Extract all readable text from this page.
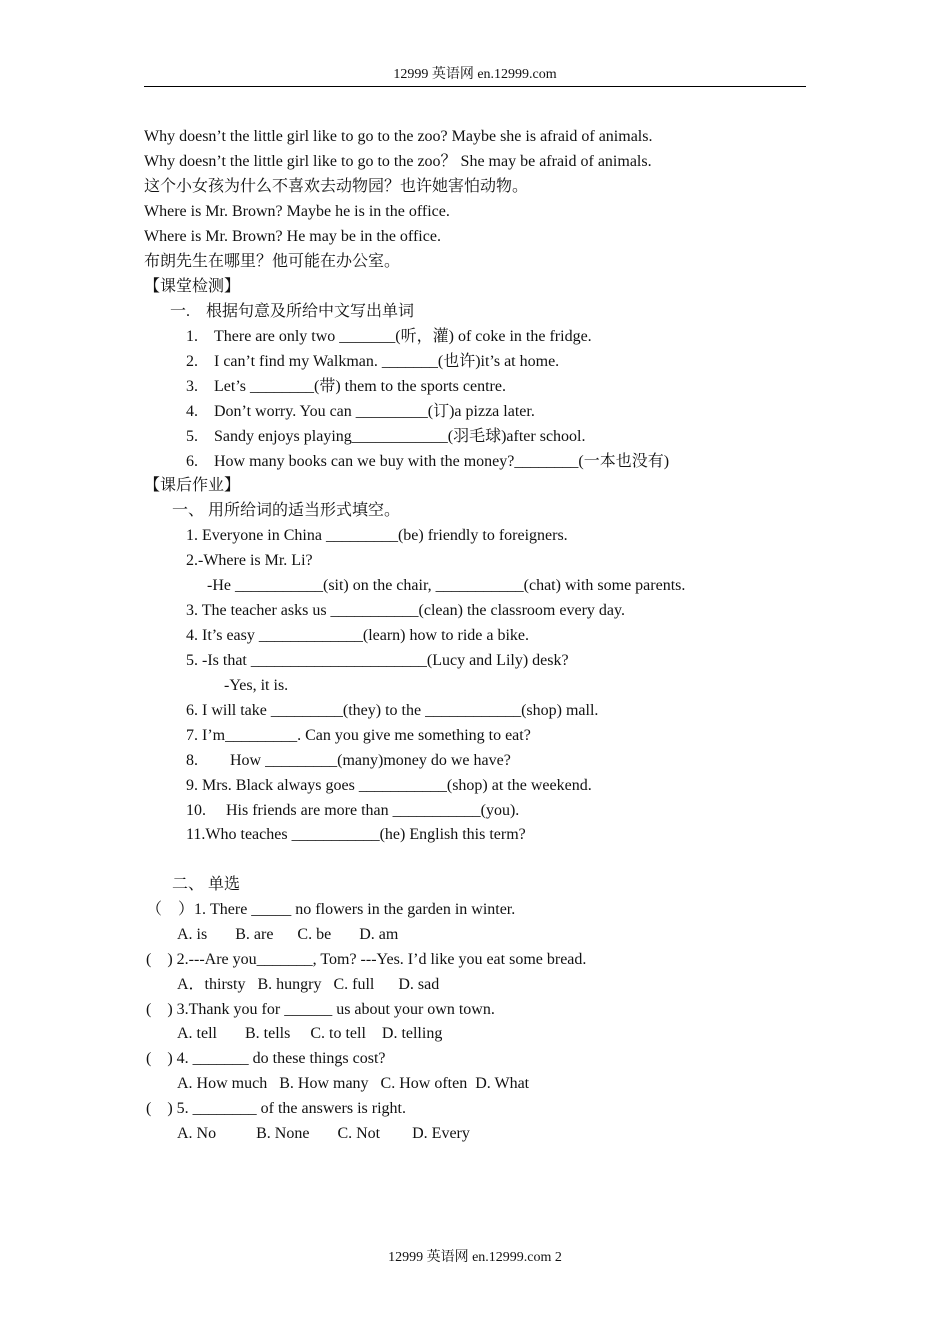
12999 英语网 en.12999.com
Why doesn’t the little girl like to go to the zoo? Maybe she is afraid of animals.
Why doesn’t the little girl like to go to the zoo？ She may be afraid of animals.
这个小女孩为什么不喜欢去动物园？也许她害怕动物。
Where is Mr. Brown? Maybe he is in the office.
Where is Mr. Brown? He may be in the office.
布朗先生在哪里？他可能在办公室。
【课堂检测】
一.　根据句意及所给中文写出单词
1.　There are only two _______(听，灌) of coke in the fridge.
2.　I can’t find my Walkman. _______(也许)it’s at home.
3.　Let’s ________(带) them to the sports centre.
4.　Don’t worry. You can _________(订)a pizza later.
5.　Sandy enjoys playing____________(羽毛球)after school.
6.　How many books can we buy with the money?________(一本也没有)
【课后作业】
一、 用所给词的适当形式填空。
1. Everyone in China _________(be) friendly to foreigners.
2.-Where is Mr. Li?
-He ___________(sit) on the chair, ___________(chat) with some parents.
3. The teacher asks us ___________(clean) the classroom every day.
4. It’s easy _____________(learn) how to ride a bike.
5. -Is that ______________________(Lucy and Lily) desk?
-Yes, it is.
6. I will take _________(they) to the ____________(shop) mall.
7. I’m_________. Can you give me something to eat?
8.　　How _________(many)money do we have?
9. Mrs. Black always goes ___________(shop) at the weekend.
10.　 His friends are more than ___________(you).
11.Who teaches ___________(he) English this term?
二、 单选
（　）1. There _____ no flowers in the garden in winter.
A. is       B. are      C. be       D. am
(    ) 2.---Are you_______, Tom? ---Yes. I’d like you eat some bread.
A．thirsty   B. hungry   C. full      D. sad
(    ) 3.Thank you for ______ us about your own town.
A. tell       B. tells     C. to tell    D. telling
(    ) 4. _______ do these things cost?
A. How much   B. How many   C. How often  D. What
(    ) 5. ________ of the answers is right.
A. No          B. None       C. Not        D. Every
12999 英语网 en.12999.com 2
